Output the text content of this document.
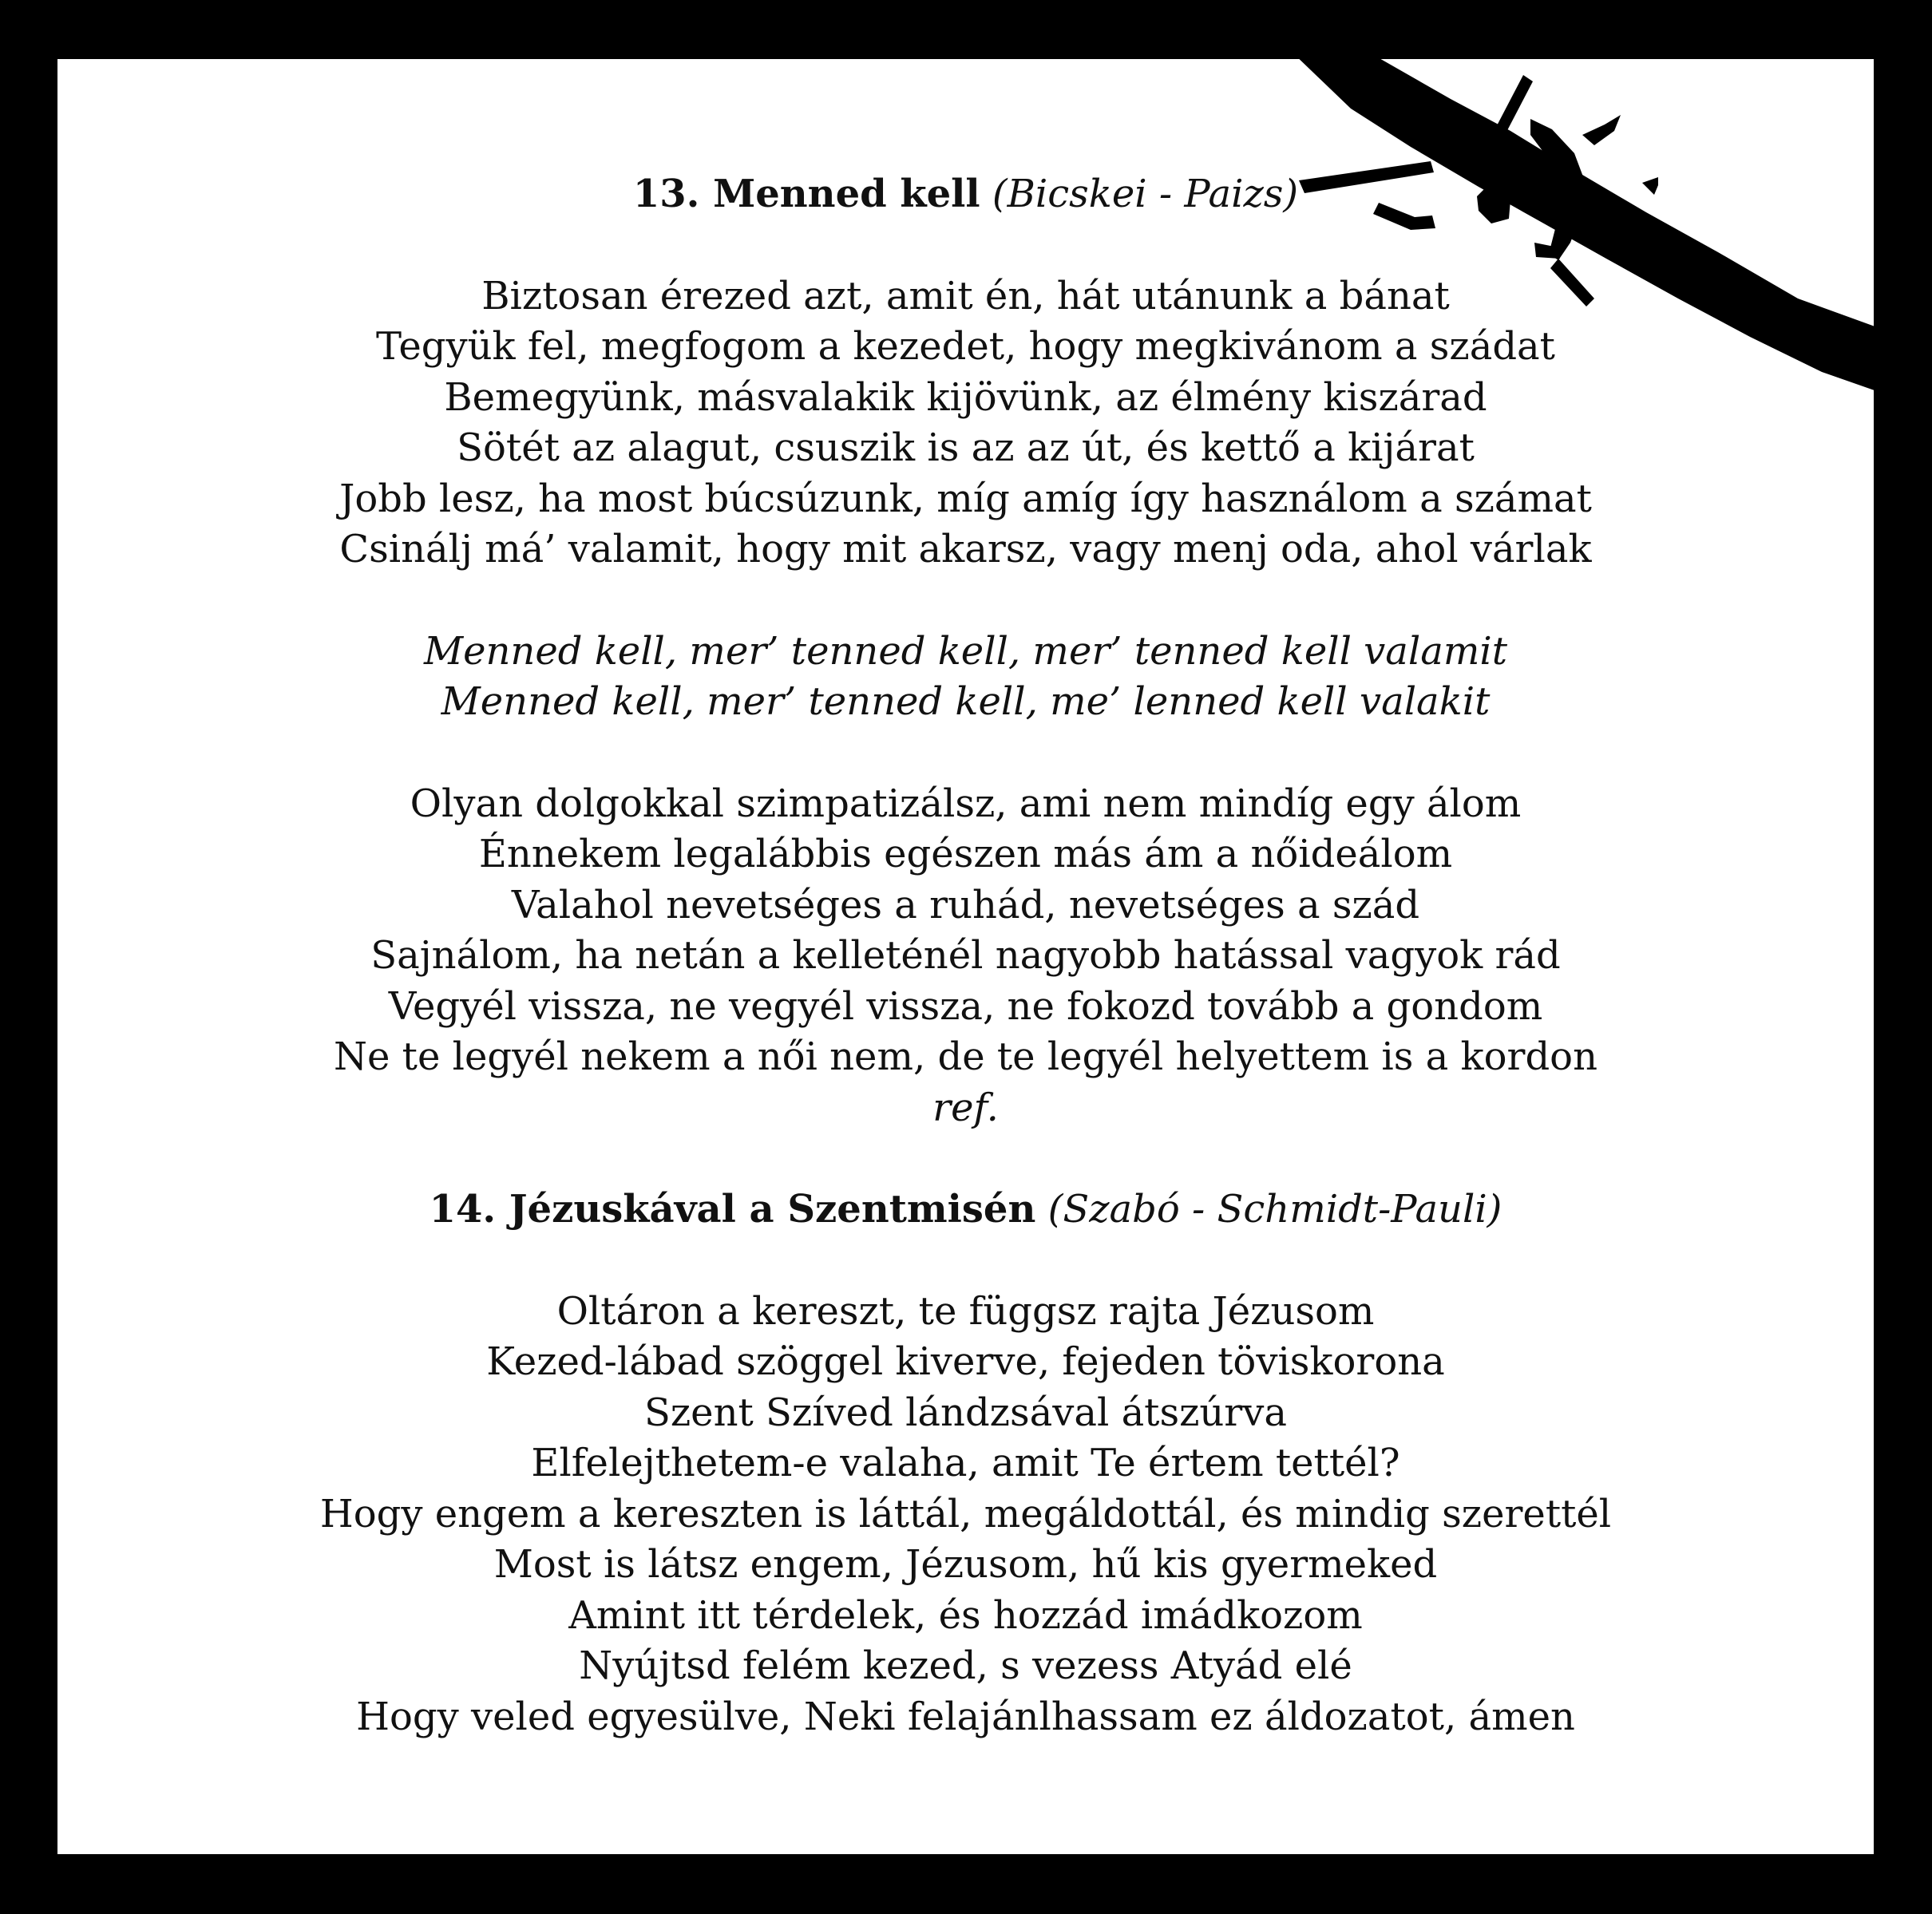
13. Menned kell (Bicskei - Paizs)
Biztosan érezed azt, amit én, hát utánunk a bánat
Tegyük fel, megfogom a kezedet, hogy megkivánom a szádat
Bemegyünk, másvalakik kijövünk, az élmény kiszárad
Sötét az alagut, csuszik is az az út, és kettő a kijárat
Jobb lesz, ha most búcsúzunk, míg amíg így használom a számat
Csinálj má’ valamit, hogy mit akarsz, vagy menj oda, ahol várlak
Menned kell, mer’ tenned kell, mer’ tenned kell valamit
Menned kell, mer’ tenned kell, me’ lenned kell valakit
Olyan dolgokkal szimpatizálsz, ami nem mindíg egy álom
Énnekem legalábbis egészen más ám a nőideálom
Valahol nevetséges a ruhád, nevetséges a szád
Sajnálom, ha netán a kelleténél nagyobb hatással vagyok rád
Vegyél vissza, ne vegyél vissza, ne fokozd tovább a gondom
Ne te legyél nekem a női nem, de te legyél helyettem is a kordon
ref.
14. Jézuskával a Szentmisén (Szabó - Schmidt-Pauli)
Oltáron a kereszt, te függsz rajta Jézusom
Kezed-lábad szöggel kiverve, fejeden töviskorona
Szent Szíved lándzsával átszúrva
Elfelejthetem-e valaha, amit Te értem tettél?
Hogy engem a kereszten is láttál, megáldottál, és mindig szerettél
Most is látsz engem, Jézusom, hű kis gyermeked
Amint itt térdelek, és hozzád imádkozom
Nyújtsd felém kezed, s vezess Atyád elé
Hogy veled egyesülve, Neki felajánlhassam ez áldozatot, ámen
